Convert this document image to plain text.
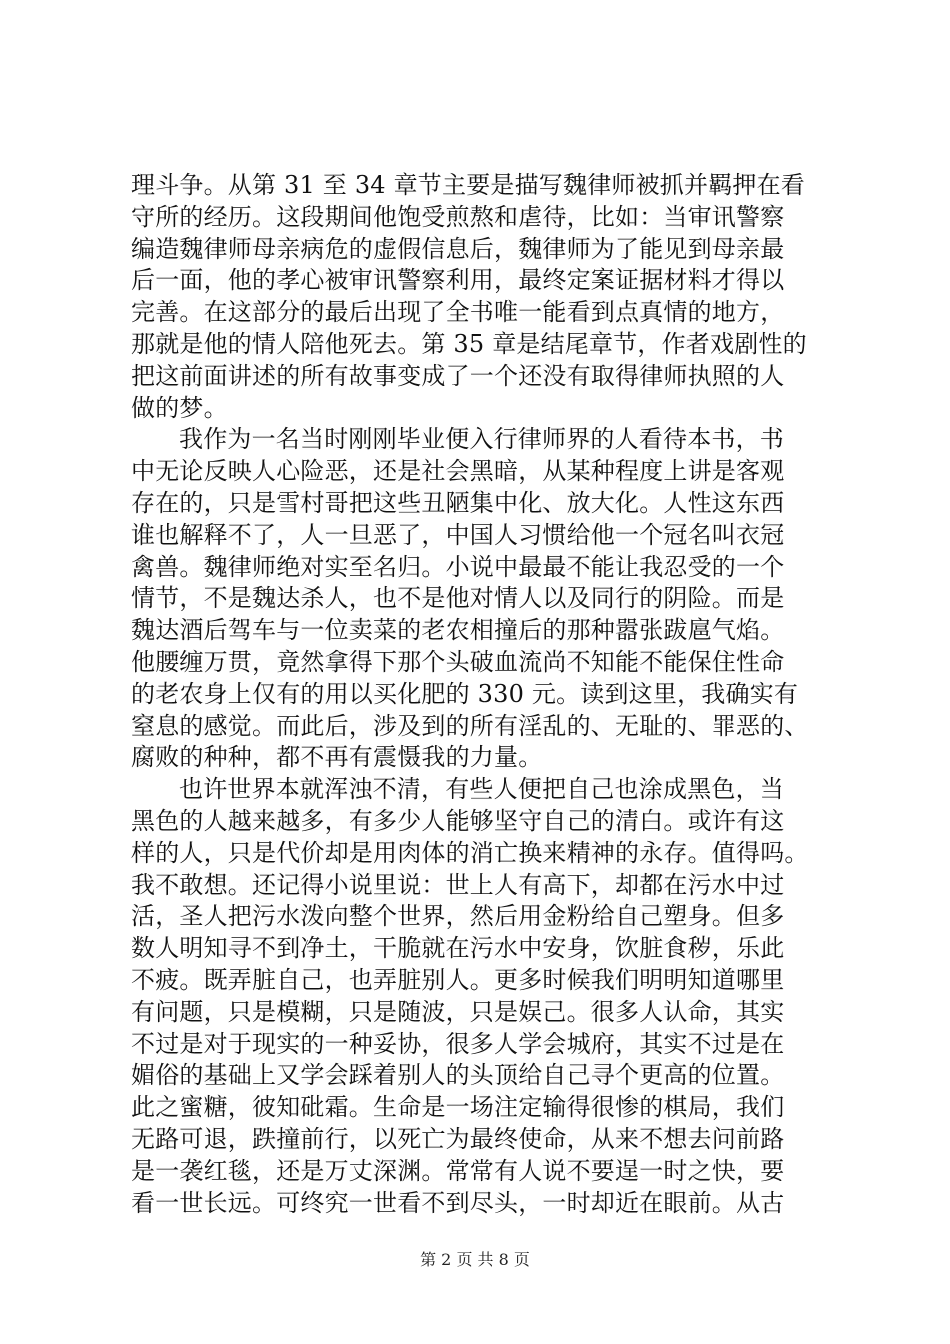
理斗争。从第 31 至 34 章节主要是描写魏律师被抓并羁押在看
守所的经历。这段期间他饱受煎熬和虐待，比如：当审讯警察
编造魏律师母亲病危的虚假信息后，魏律师为了能见到母亲最
后一面，他的孝心被审讯警察利用，最终定案证据材料才得以
完善。在这部分的最后出现了全书唯一能看到点真情的地方，
那就是他的情人陪他死去。第 35 章是结尾章节，作者戏剧性的
把这前面讲述的所有故事变成了一个还没有取得律师执照的人
做的梦。
我作为一名当时刚刚毕业便入行律师界的人看待本书，书
中无论反映人心险恶，还是社会黑暗，从某种程度上讲是客观
存在的，只是雪村哥把这些丑陋集中化、放大化。人性这东西
谁也解释不了，人一旦恶了，中国人习惯给他一个冠名叫衣冠
禽兽。魏律师绝对实至名归。小说中最最不能让我忍受的一个
情节，不是魏达杀人，也不是他对情人以及同行的阴险。而是
魏达酒后驾车与一位卖菜的老农相撞后的那种嚣张跋扈气焰。
他腰缠万贯，竟然拿得下那个头破血流尚不知能不能保住性命
的老农身上仅有的用以买化肥的 330 元。读到这里，我确实有
窒息的感觉。而此后，涉及到的所有淫乱的、无耻的、罪恶的、
腐败的种种，都不再有震慑我的力量。
也许世界本就浑浊不清，有些人便把自己也涂成黑色，当
黑色的人越来越多，有多少人能够坚守自己的清白。或许有这
样的人，只是代价却是用肉体的消亡换来精神的永存。值得吗。
我不敢想。还记得小说里说：世上人有高下，却都在污水中过
活，圣人把污水泼向整个世界，然后用金粉给自己塑身。但多
数人明知寻不到净土，干脆就在污水中安身，饮脏食秽，乐此
不疲。既弄脏自己，也弄脏别人。更多时候我们明明知道哪里
有问题，只是模糊，只是随波，只是娱己。很多人认命，其实
不过是对于现实的一种妥协，很多人学会城府，其实不过是在
媚俗的基础上又学会踩着别人的头顶给自己寻个更高的位置。
此之蜜糖，彼知砒霜。生命是一场注定输得很惨的棋局，我们
无路可退，跌撞前行，以死亡为最终使命，从来不想去问前路
是一袭红毯，还是万丈深渊。常常有人说不要逞一时之快，要
看一世长远。可终究一世看不到尽头，一时却近在眼前。从古
第 2 页 共 8 页
